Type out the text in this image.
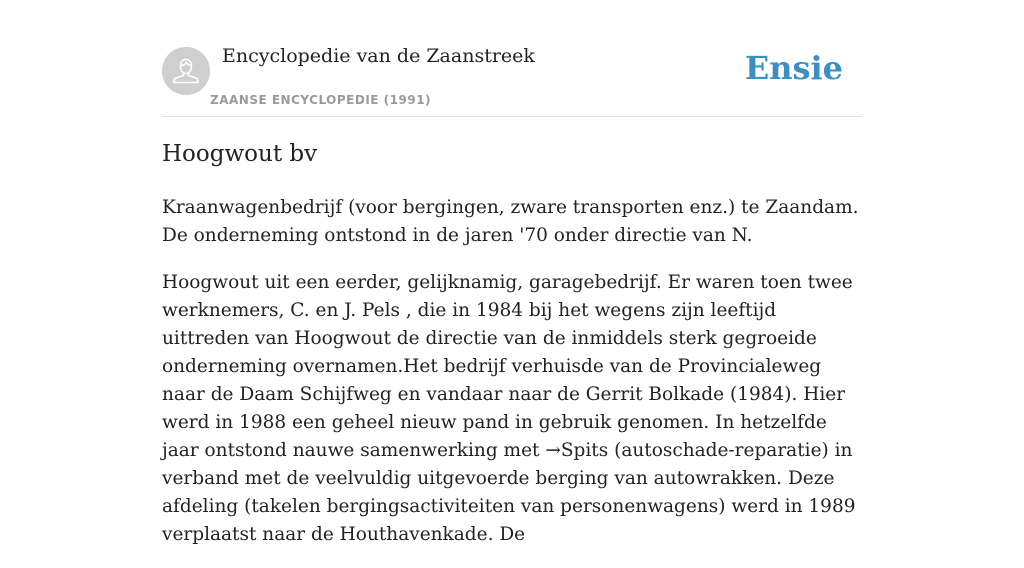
Encyclopedie van de Zaanstreek
ZAANSE ENCYCLOPEDIE (1991)
Ensie
Hoogwout bv

Kraanwagenbedrijf (voor bergingen, zware transporten enz.) te Zaandam. De onderneming ontstond in de jaren '70 onder directie van N.

Hoogwout uit een eerder, gelijknamig, garagebedrijf. Er waren toen twee werknemers, C. en J. Pels , die in 1984 bij het wegens zijn leeftijd uittreden van Hoogwout de directie van de inmiddels sterk gegroeide onderneming overnamen.Het bedrijf verhuisde van de Provincialeweg naar de Daam Schijfweg en vandaar naar de Gerrit Bolkade (1984). Hier werd in 1988 een geheel nieuw pand in gebruik genomen. In hetzelfde jaar ontstond nauwe samenwerking met →Spits (autoschade-reparatie) in verband met de veelvuldig uitgevoerde berging van autowrakken. Deze afdeling (takelen bergingsactiviteiten van personenwagens) werd in 1989 verplaatst naar de Houthavenkade. De
